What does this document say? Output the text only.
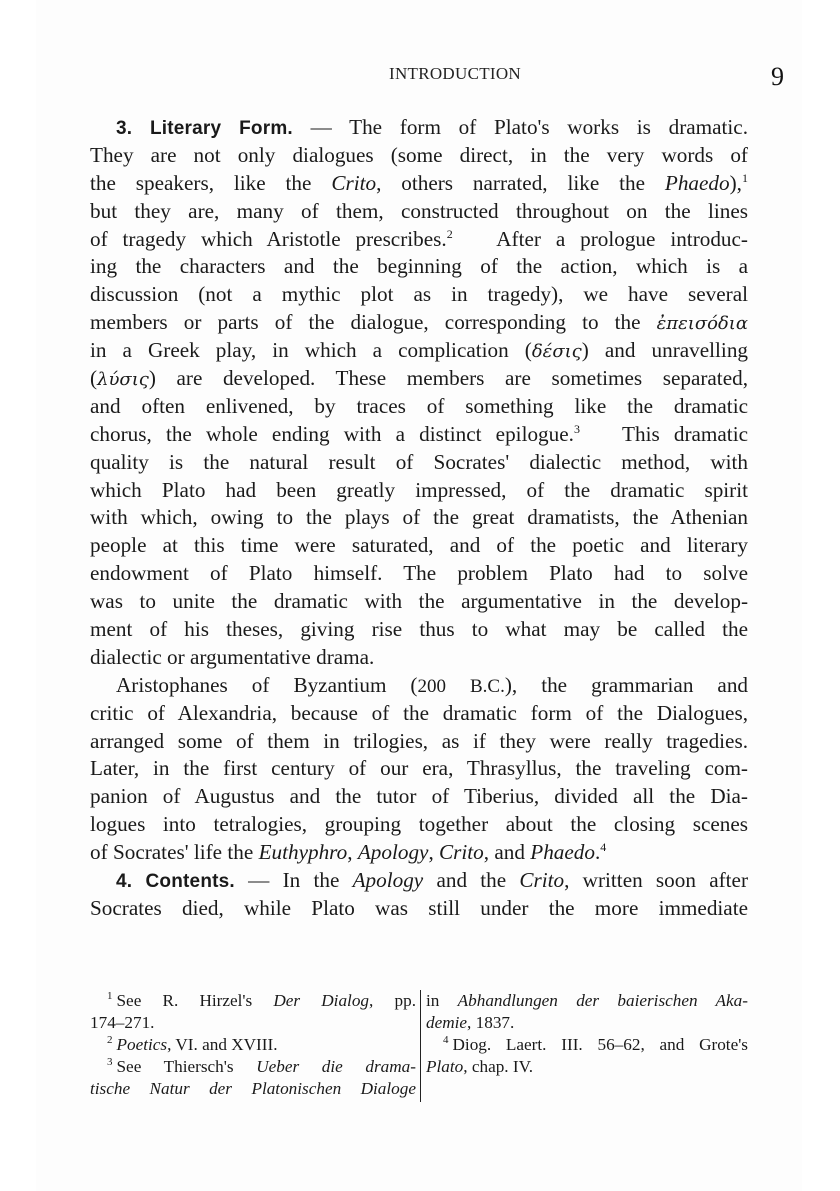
INTRODUCTION	9
3. Literary Form. — The form of Plato's works is dramatic.
They are not only dialogues (some direct, in the very words of
the speakers, like the Crito, others narrated, like the Phaedo),$^1$
but they are, many of them, constructed throughout on the lines
of tragedy which Aristotle prescribes.$^2$ After a prologue introduc-
ing the characters and the beginning of the action, which is a
discussion (not a mythic plot as in tragedy), we have several
members or parts of the dialogue, corresponding to the ἐπεισόδια
in a Greek play, in which a complication (δέσις) and unravelling
(λύσις) are developed. These members are sometimes separated,
and often enlivened, by traces of something like the dramatic
chorus, the whole ending with a distinct epilogue.$^3$ This dramatic
quality is the natural result of Socrates' dialectic method, with
which Plato had been greatly impressed, of the dramatic spirit
with which, owing to the plays of the great dramatists, the Athenian
people at this time were saturated, and of the poetic and literary
endowment of Plato himself. The problem Plato had to solve
was to unite the dramatic with the argumentative in the develop-
ment of his theses, giving rise thus to what may be called the
dialectic or argumentative drama.
Aristophanes of Byzantium (200 B.C.), the grammarian and
critic of Alexandria, because of the dramatic form of the Dialogues,
arranged some of them in trilogies, as if they were really tragedies.
Later, in the first century of our era, Thrasyllus, the traveling com-
panion of Augustus and the tutor of Tiberius, divided all the Dia-
logues into tetralogies, grouping together about the closing scenes
of Socrates' life the Euthyphro, Apology, Crito, and Phaedo.$^4$
4. Contents. — In the Apology and the Crito, written soon after
Socrates died, while Plato was still under the more immediate
$^1$ See R. Hirzel's Der Dialog, pp.
174–271.
$^2$ Poetics, VI. and XVIII.
$^3$ See Thiersch's Ueber die drama-
tische Natur der Platonischen Dialoge
in Abhandlungen der baierischen Aka-
demie, 1837.
$^4$ Diog. Laert. III. 56–62, and Grote's
Plato, chap. IV.
